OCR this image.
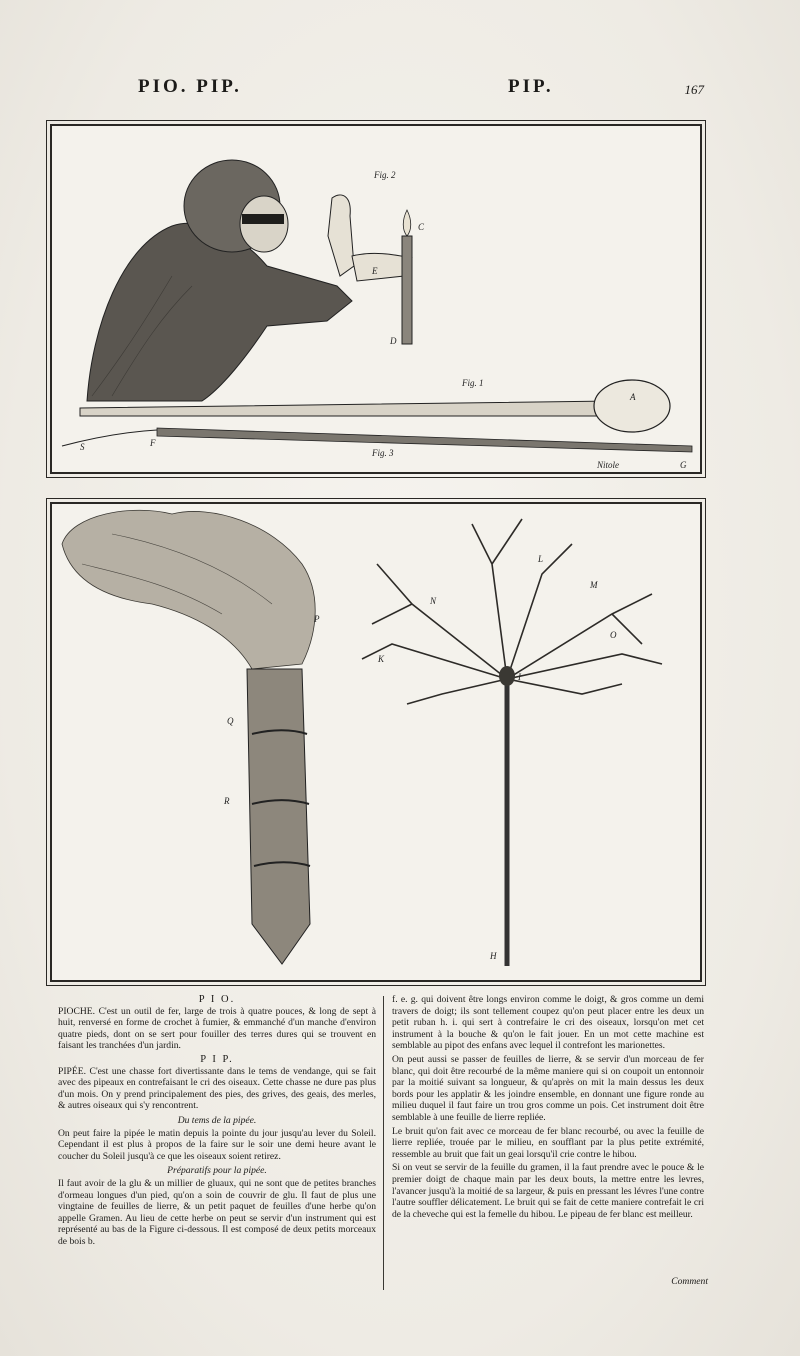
PIO. PIP.	PIP.	167
Fig. 2
Fig. 1
Fig. 3
Nitole
A
C
D
E
F
G
S
P
Q
R
H
I
K
L
M
N
O
P I O.

PIOCHE. C'est un outil de fer, large de trois à quatre pouces, & long de sept à huit, renversé en forme de crochet à fumier, & emmanché d'un manche d'environ quatre pieds, dont on se sert pour fouiller des terres dures qui se trouvent en faisant les tranchées d'un jardin.

P I P.

PIPÉE. C'est une chasse fort divertissante dans le tems de vendange, qui se fait avec des pipeaux en contrefaisant le cri des oiseaux. Cette chasse ne dure pas plus d'un mois. On y prend principalement des pies, des grives, des geais, des merles, & autres oiseaux qui s'y rencontrent.

Du tems de la pipée.

On peut faire la pipée le matin depuis la pointe du jour jusqu'au lever du Soleil. Cependant il est plus à propos de la faire sur le soir une demi heure avant le coucher du Soleil jusqu'à ce que les oiseaux soient retirez.

Préparatifs pour la pipée.

Il faut avoir de la glu & un millier de gluaux, qui ne sont que de petites branches d'ormeau longues d'un pied, qu'on a soin de couvrir de glu. Il faut de plus une vingtaine de feuilles de lierre, & un petit paquet de feuilles d'une herbe qu'on appelle Gramen. Au lieu de cette herbe on peut se servir d'un instrument qui est représenté au bas de la Figure ci-dessous. Il est composé de deux petits morceaux de bois b.

f. e. g. qui doivent être longs environ comme le doigt, & gros comme un demi travers de doigt; ils sont tellement coupez qu'on peut placer entre les deux un petit ruban h. i. qui sert à contrefaire le cri des oiseaux, lorsqu'on met cet instrument à la bouche & qu'on le fait jouer. En un mot cette machine est semblable au pipot des enfans avec lequel il contrefont les marionettes.

On peut aussi se passer de feuilles de lierre, & se servir d'un morceau de fer blanc, qui doit être recourbé de la même maniere qui si on coupoit un entonnoir par la moitié suivant sa longueur, & qu'après on mit la main dessus les deux bords pour les applatir & les joindre ensemble, en donnant une figure ronde au milieu duquel il faut faire un trou gros comme un pois. Cet instrument doit être semblable à une feuille de lierre repliée.

Le bruit qu'on fait avec ce morceau de fer blanc recourbé, ou avec la feuille de lierre repliée, trouée par le milieu, en soufflant par la plus petite extrémité, ressemble au bruit que fait un geai lorsqu'il crie contre le hibou.

Si on veut se servir de la feuille du gramen, il la faut prendre avec le pouce & le premier doigt de chaque main par les deux bouts, la mettre entre les levres, l'avancer jusqu'à la moitié de sa largeur, & puis en pressant les lévres l'une contre l'autre souffler délicatement. Le bruit qui se fait de cette maniere contrefait le cri de la cheveche qui est la femelle du hibou. Le pipeau de fer blanc est meilleur.

Comment
